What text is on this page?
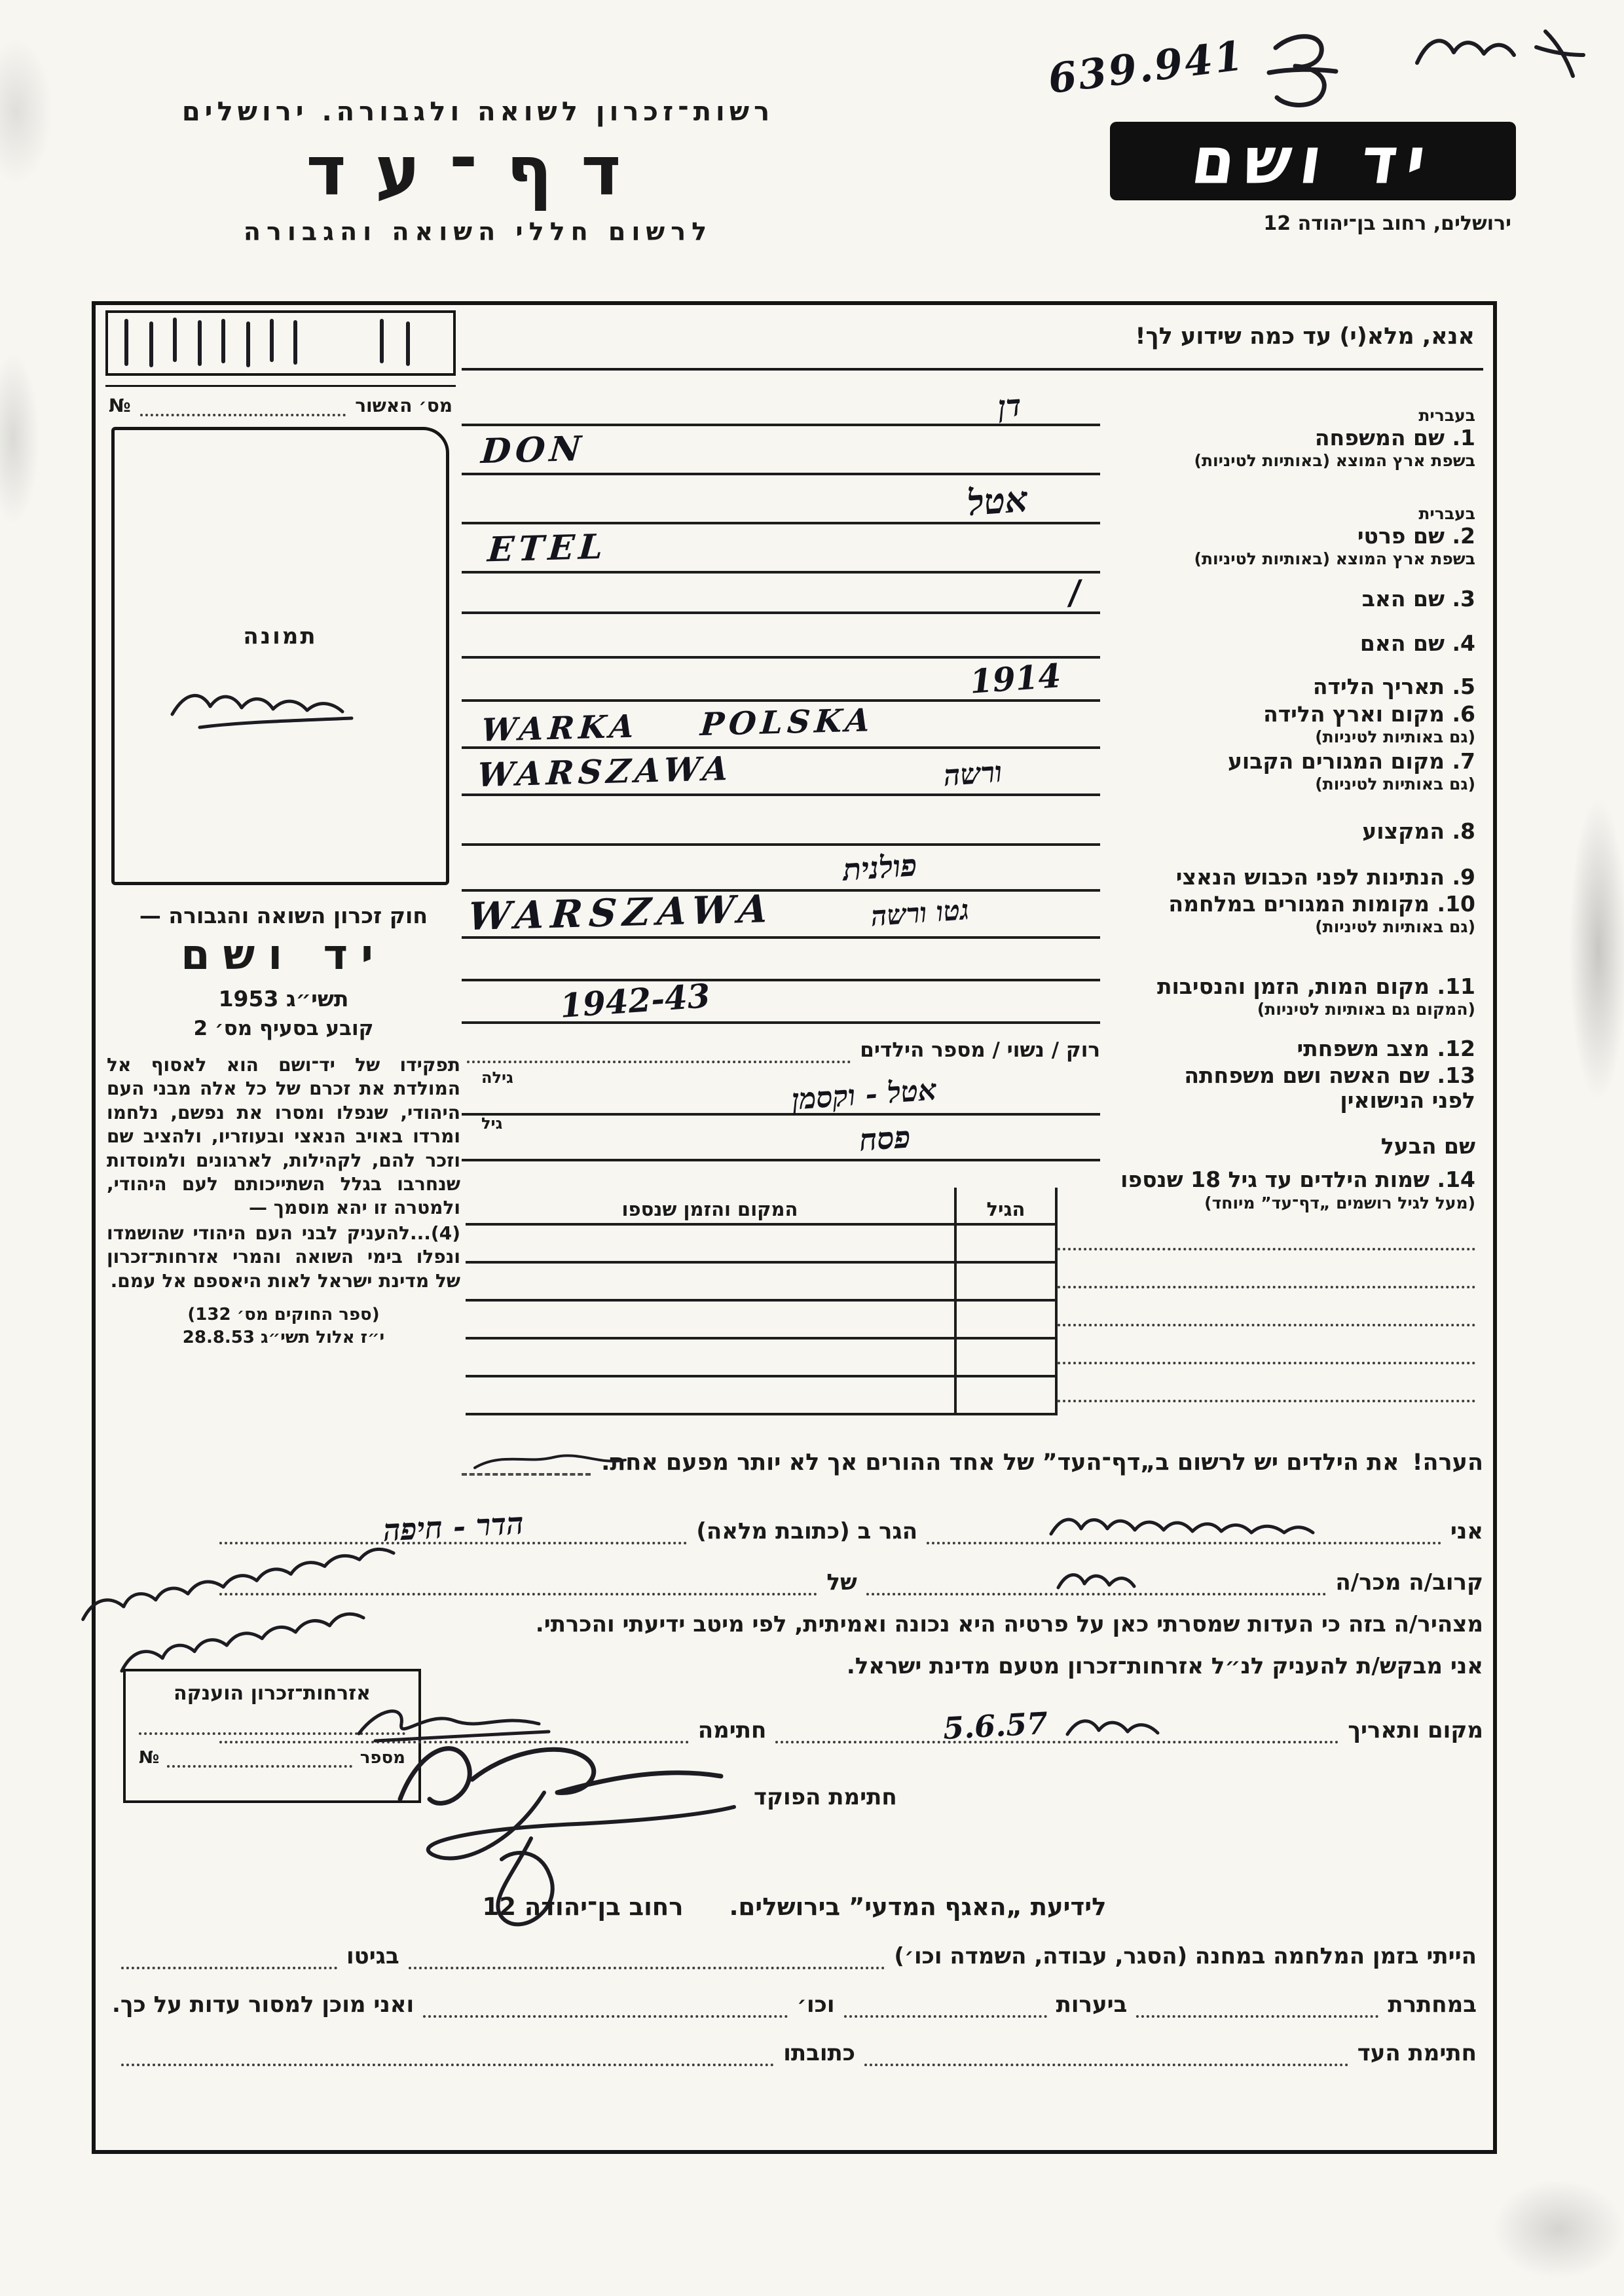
639.941
רשות־זכרון לשואה ולגבורה. ירושלים
דף־עד
לרשום חללי השואה והגבורה
יד ושם
ירושלים, רחוב בן־יהודה 12
אנא, מלא(י) עד כמה שידוע לך!
מס׳ האשור
№
תמונה
חוק זכרון השואה והגבורה —
יד ושם
תשי״ג 1953
קובע בסעיף מס׳ 2
תפקידו של יד־ושם הוא לאסוף אל המולדת את זכרם של כל אלה מבני העם היהודי, שנפלו ומסרו את נפשם, נלחמו ומרדו באויב הנאצי ובעוזריו, ולהציב שם וזכר להם, לקהילות, לארגונים ולמוסדות שנחרבו בגלל השתייכותם לעם היהודי, ולמטרה זו יהא מוסמך —
(4)...להעניק לבני העם היהודי שהושמדו ונפלו בימי השואה והמרי אזרחות־זכרון של מדינת ישראל לאות היאספם אל עמם.
(ספר החוקים מס׳ 132)
י״ז אלול תשי״ג 28.8.53
אזרחות־זכרון הוענקה
מספר
№
בעברית
1. שם המשפחה
בשפת ארץ המוצא (באותיות לטיניות)
דן
DON
בעברית
2. שם פרטי
בשפת ארץ המוצא (באותיות לטיניות)
אטל
ETEL
3. שם האב
/
4. שם האם
5. תאריך הלידה
1914
6. מקום וארץ הלידה
(גם באותיות לטיניות)
WARKA    POLSKA
7. מקום המגורים הקבוע
(גם באותיות לטיניות)
WARSZAWA	ורשה
8. המקצוע
9. הנתינות לפני הכבוש הנאצי
פולנית
10. מקומות המגורים במלחמה
(גם באותיות לטיניות)
WARSZAWA	גטו ורשה
11. מקום המות, הזמן והנסיבות
(המקום גם באותיות לטיניות)
1942-43
12. מצב משפחתי
רוק / נשוי / מספר הילדים
13. שם האשה ושם משפחתה
לפני הנישואין
גילה	אטל - וקסמן
שם הבעל
גיל	פסח
14. שמות הילדים עד גיל 18 שנספו
(מעל לגיל רושמים „דף־עד” מיוחד)
הגיל
המקום והזמן שנספו
הערה!
את הילדים יש לרשום ב„דף־העד” של אחד ההורים אך לא יותר מפעם אחת.
אני
הגר ב (כתובת מלאה)
הדר - חיפה
קרוב/ה מכר/ה
של
מצהיר/ה בזה כי העדות שמסרתי כאן על פרטיה היא נכונה ואמיתית, לפי מיטב ידיעתי והכרתי.
אני מבקש/ת להעניק לנ״ל אזרחות־זכרון מטעם מדינת ישראל.
מקום ותאריך
5.6.57
חתימה
חתימת הפוקד
לידיעת „האגף המדעי” בירושלים.
רחוב בן־יהודה 12
הייתי בזמן המלחמה במחנה (הסגר, עבודה, השמדה וכו׳)
בגיטו
במחתרת
ביערות
וכו׳
ואני מוכן למסור עדות על כך.
חתימת העד
כתובתו
